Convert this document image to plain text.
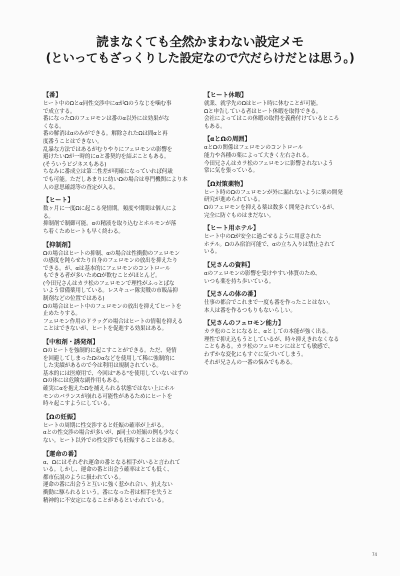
読まなくても全然かまわない設定メモ
(といってもざっくりした設定なので穴だらけだとは思う。)

【番】

ヒート中のΩとα同性交渉中にαがΩのうなじを噛む事
で成立する。
番になったΩのフェロモンは番のα以外には効果がな
くなる。
番の解消はαのみができる。解除されたΩは間αと再
度番うことはできない。
乱暴な方法ではあるがむりやりにフェロモンの影響を
避けたいΩが一時的にαと番契約を結ぶこともある。
(そういうビジネスもある)
ちなみに番成立は第二性差が明確になっていれば何歳
でも可能。ただしあまりに幼いΩの場合は専門機関により本
人の意思確認等の査定が入る。

【ヒート】

数ヶ月に一度Ωに起こる発情期。頻度や期間は個人によ
る。
抑制剤で制御可能。αの精液を取り込むとホルモンが落
ち着くためヒートも早く終わる。

【抑制剤】

Ωの場合はヒートの抑制、αの場合は性衝動のフェロモン
の感度を鈍らせたり自身のフェロモンの放出を抑えたり
できる。が、αは基本的にフェロモンのコントロール
もできる者が多いためΩが飲むことがほとんど。
(今田兄さんはカラ松のフェロモンで理性がふっとばな
いよう常備薬用している。レスキュー隊実戦の市販品抑
制剤などの位置ではある)
Ωの場合はヒート中のフェロモンの放出を抑えてヒートを
止めたりする。
フェロモン作用のドラッグの場合はヒートの情報を抑える
ことはできないが、ヒートを促進する効果はある。

【中和剤・誘発剤】

Ωのヒートを強制的に起こすことができる。ただ、発情
を回避してしまったΩのαなどを使用して稀に強制的に
した実績があるので今は利用は規制されている。
基本的には医療用で、今回は"ある"を使用していないはずの
Ωの体には危険な副作用もある。
確実にαを抱えたΩを捕えられる状態ではない上にホル
モンのバランスが崩れる可能性があるためにヒートを
時々起こすようにしている。

【Ωの妊娠】

ヒートの周期に性交渉すると妊娠の確率が上がる。
αとの性交渉の場合が多いが、β同士の妊娠の例も少なく
ない。ヒート以外での性交渉でも妊娠することはある。

【運命の番】

α、Ωにはそれぞれ運命の番となる相手がいると言われて
いる。しかし、運命の番と出会う確率はとても低く、
都市伝説のように扱われている。
運命の番に出会うと互いに強く惹かれ合い、抗えない
衝動に駆られるという。番になった者は相手を失うと
精神的に不安定になることがあるといわれている。

【ヒート休暇】

就業、就学先のΩはヒート時に休むことが可能。
Ωと申告している者はヒート休暇を取得できる。
会社によってはこの休暇の取得を義務付けているところ
もある。

【αとΩの周囲】

αとΩの関係はフェロモンのコントロール
能力や各種の薬によって大きく左右される。
今田兄さんはカラ松のフェロモンに影響されないよう
常に気を張っている。

【Ω対策薬物】

ヒート時のΩのフェロモンが外に漏れないように薬の開発
研究が進められている。
Ωのフェロモンを抑える薬は数多く開発されているが、
完全に防ぐものはまだない。

【ヒート用ホテル】

ヒート中のΩが安全に過ごせるように用意された
ホテル。Ωのみ宿泊可能で、αの立ち入りは禁止されて
いる。

【兄さんの資料】

αのフェロモンの影響を受けやすい体質のため、
いつも薬を持ち歩いている。

【兄さんの体の番】

仕事の都合でこれまで一度も番を作ったことはない。
本人は番を作るつもりもないらしい。

【兄さんのフェロモン能力】

カラ松のことになると、αとしての本能が強く出る。
理性で抑え込もうとしているが、時々抑えきれなくなる
こともある。カラ松のフェロモンにはとても敏感で、
わずかな変化にもすぐに気づいてしまう。
それが兄さんの一番の悩みでもある。

74
